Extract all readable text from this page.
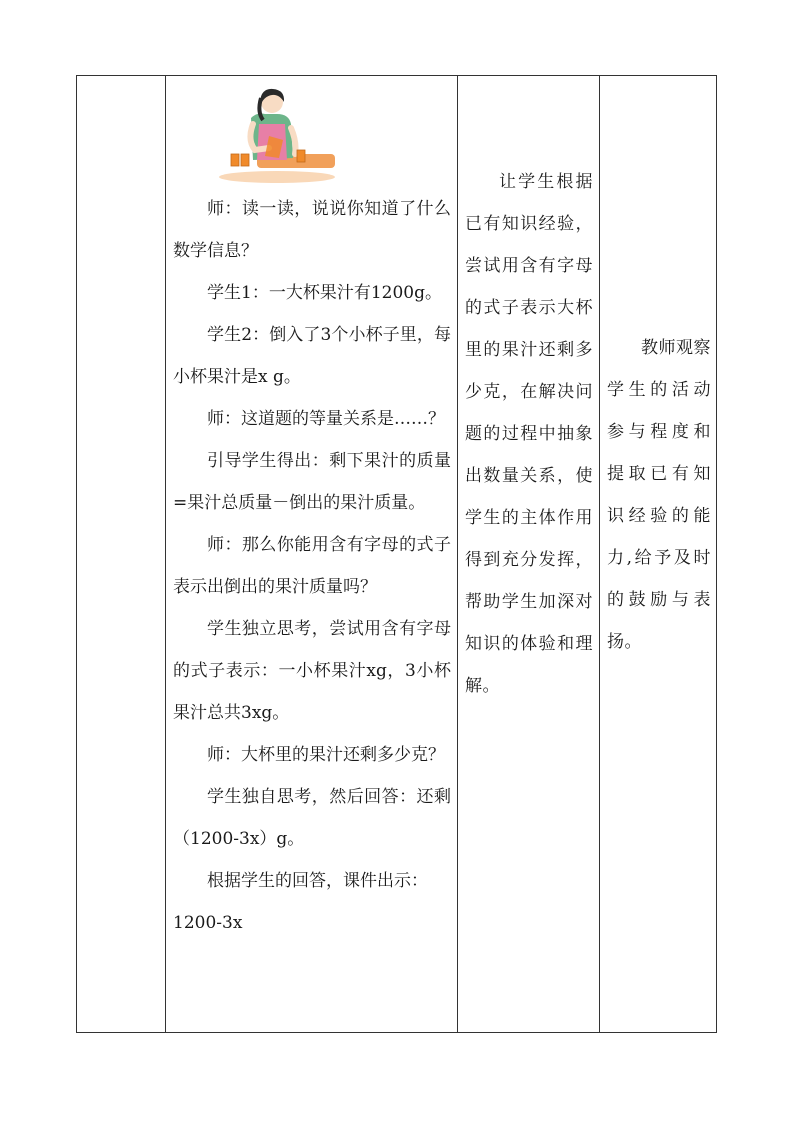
师：读一读，说说你知道了什么数学信息？

学生1：一大杯果汁有1200g。

学生2：倒入了3个小杯子里，每小杯果汁是x g。

师：这道题的等量关系是……？

引导学生得出：剩下果汁的质量=果汁总质量－倒出的果汁质量。

师：那么你能用含有字母的式子表示出倒出的果汁质量吗？

学生独立思考，尝试用含有字母的式子表示：一小杯果汁xg，3小杯果汁总共3xg。

师：大杯里的果汁还剩多少克？

学生独自思考，然后回答：还剩（1200-3x）g。

根据学生的回答，课件出示：

1200-3x

让学生根据已有知识经验，尝试用含有字母的式子表示大杯里的果汁还剩多少克，在解决问题的过程中抽象出数量关系，使学生的主体作用得到充分发挥，帮助学生加深对知识的体验和理解。

教师观察学生的活动参与程度和提取已有知识经验的能力,给予及时的鼓励与表扬。
